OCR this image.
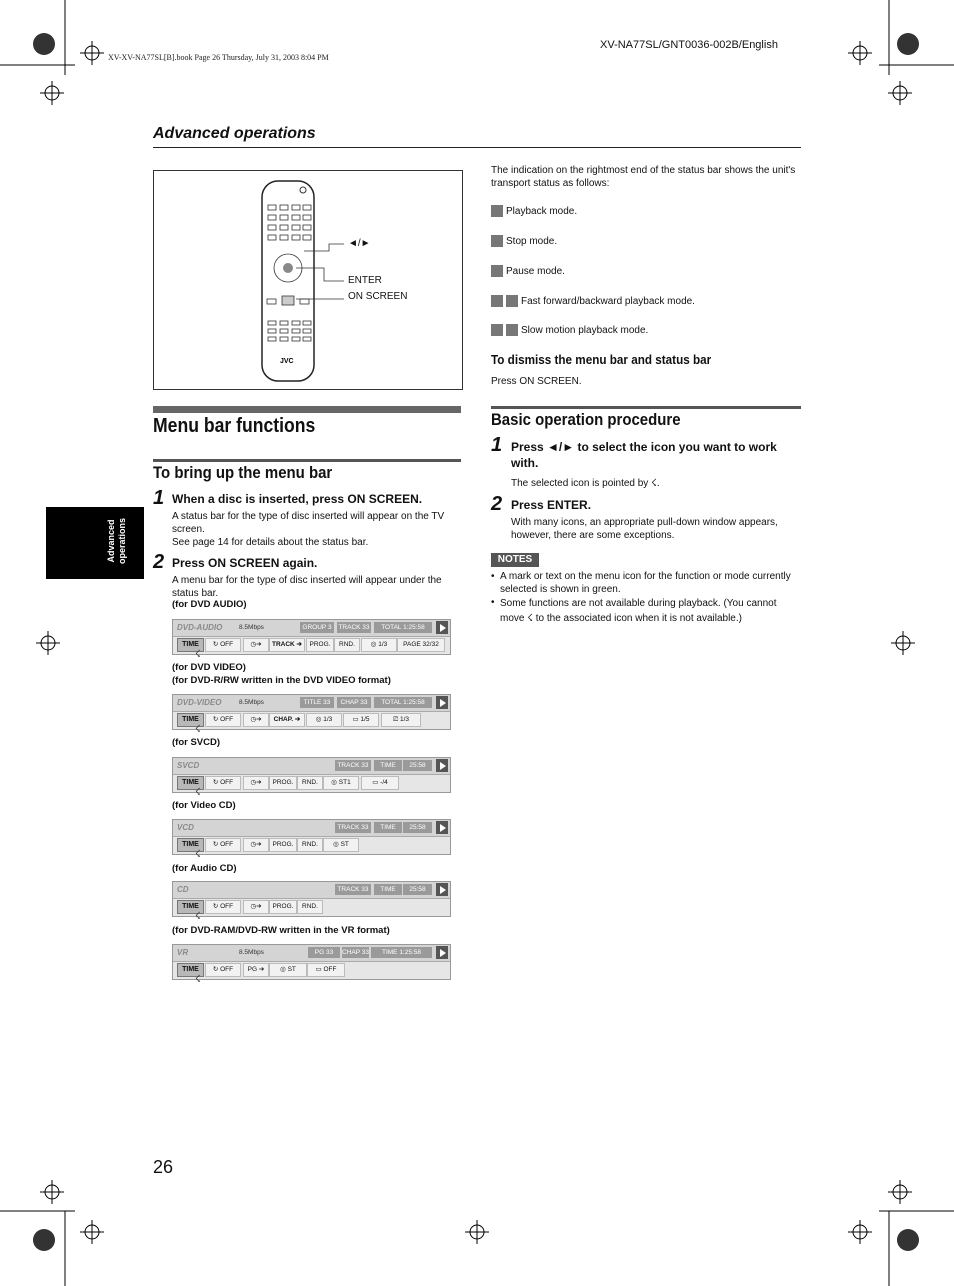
XV-XV-NA77SL[B].book Page 26 Thursday, July 31, 2003 8:04 PM
XV-NA77SL/GNT0036-002B/English
Advanced operations
Advanced operations
JVC
◄/►
ENTER
ON SCREEN
Menu bar functions
To bring up the menu bar
1 When a disc is inserted, press ON SCREEN.
A status bar for the type of disc inserted will appear on the TV screen.
See page 14 for details about the status bar.
2 Press ON SCREEN again.
A menu bar for the type of disc inserted will appear under the status bar.
(for DVD AUDIO)
DVD-AUDIO	8.5Mbps	GROUP 3	TRACK 33	TOTAL 1:25:58
TIME	↻ OFF	◷➔	TRACK ➔	PROG.	RND.	◎ 1/3	PAGE 32/32
☇
(for DVD VIDEO)
(for DVD-R/RW written in the DVD VIDEO format)
DVD-VIDEO	8.5Mbps	TITLE 33	CHAP 33	TOTAL 1:25:58
TIME	↻ OFF	◷➔	CHAP. ➔	◎ 1/3	▭ 1/5	⎚ 1/3
☇
(for SVCD)
SVCD	TRACK 33	TIME	25:58
TIME	↻ OFF	◷➔	PROG.	RND.	◎ ST1	▭ -/4
☇
(for Video CD)
VCD	TRACK 33	TIME	25:58
TIME	↻ OFF	◷➔	PROG.	RND.	◎ ST
☇
(for Audio CD)
CD	TRACK 33	TIME	25:58
TIME	↻ OFF	◷➔	PROG.	RND.
☇
(for DVD-RAM/DVD-RW written in the VR format)
VR	8.5Mbps	PG 33	CHAP 33	TIME 1:25:58
TIME	↻ OFF	PG ➔	◎ ST	▭ OFF
☇
The indication on the rightmost end of the status bar shows the unit's transport status as follows:
Playback mode.
Stop mode.
Pause mode.
Fast forward/backward playback mode.
Slow motion playback mode.
To dismiss the menu bar and status bar
Press ON SCREEN.
Basic operation procedure
1 Press ◄/► to select the icon you want to work with.
The selected icon is pointed by ☇.
2 Press ENTER.
With many icons, an appropriate pull-down window appears, however, there are some exceptions.
NOTES
• A mark or text on the menu icon for the function or mode currently selected is shown in green.
• Some functions are not available during playback. (You cannot move ☇ to the associated icon when it is not available.)
26
